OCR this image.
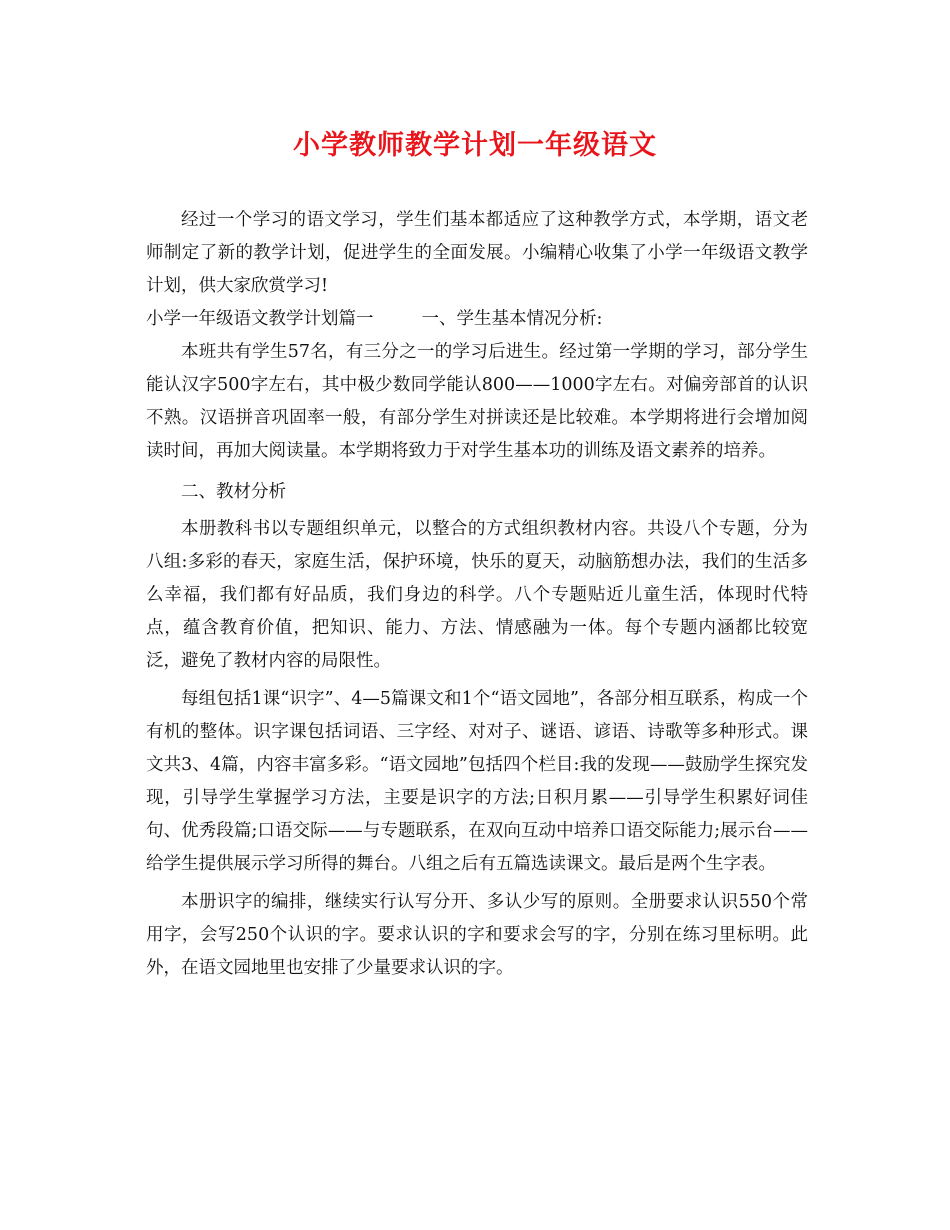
小学教师教学计划一年级语文

经过一个学习的语文学习，学生们基本都适应了这种教学方式，本学期，语文老师制定了新的教学计划，促进学生的全面发展。小编精心收集了小学一年级语文教学计划，供大家欣赏学习!

小学一年级语文教学计划篇一	一、学生基本情况分析:

本班共有学生57名，有三分之一的学习后进生。经过第一学期的学习，部分学生能认汉字500字左右，其中极少数同学能认800——1000字左右。对偏旁部首的认识不熟。汉语拼音巩固率一般，有部分学生对拼读还是比较难。本学期将进行会增加阅读时间，再加大阅读量。本学期将致力于对学生基本功的训练及语文素养的培养。

二、教材分析

本册教科书以专题组织单元，以整合的方式组织教材内容。共设八个专题，分为八组:多彩的春天，家庭生活，保护环境，快乐的夏天，动脑筋想办法，我们的生活多么幸福，我们都有好品质，我们身边的科学。八个专题贴近儿童生活，体现时代特点，蕴含教育价值，把知识、能力、方法、情感融为一体。每个专题内涵都比较宽泛，避免了教材内容的局限性。

每组包括1课“识字”、4—5篇课文和1个“语文园地”，各部分相互联系，构成一个有机的整体。识字课包括词语、三字经、对对子、谜语、谚语、诗歌等多种形式。课文共3、4篇，内容丰富多彩。“语文园地”包括四个栏目:我的发现——鼓励学生探究发现，引导学生掌握学习方法，主要是识字的方法;日积月累——引导学生积累好词佳句、优秀段篇;口语交际——与专题联系，在双向互动中培养口语交际能力;展示台——给学生提供展示学习所得的舞台。八组之后有五篇选读课文。最后是两个生字表。

本册识字的编排，继续实行认写分开、多认少写的原则。全册要求认识550个常用字，会写250个认识的字。要求认识的字和要求会写的字，分别在练习里标明。此外，在语文园地里也安排了少量要求认识的字。
